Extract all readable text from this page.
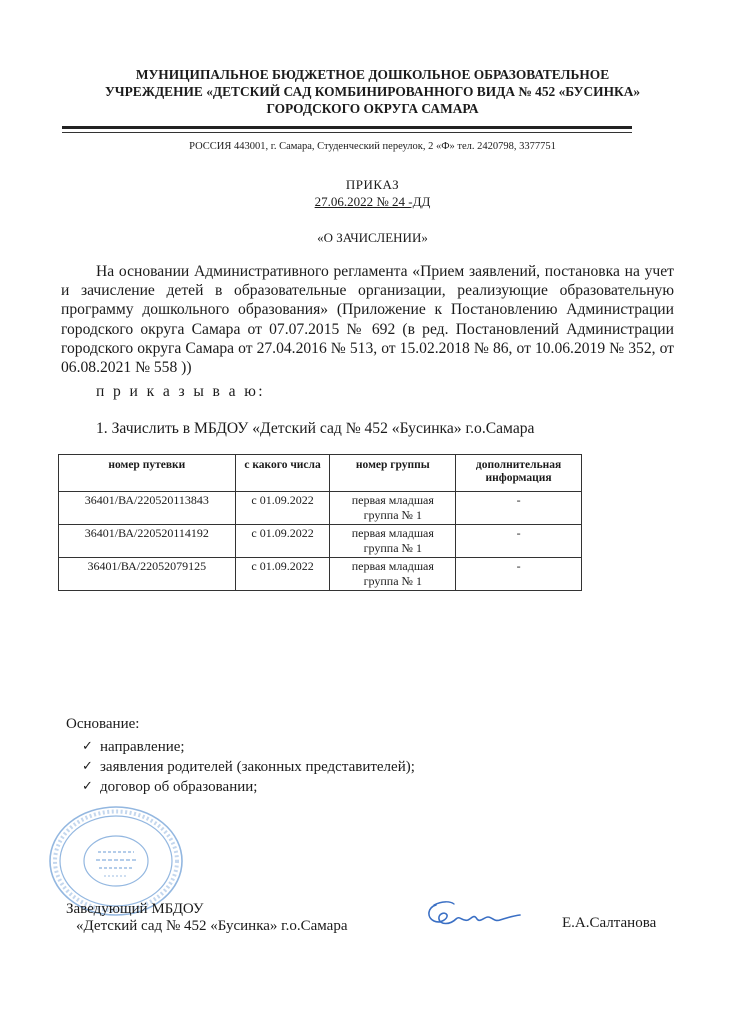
МУНИЦИПАЛЬНОЕ БЮДЖЕТНОЕ ДОШКОЛЬНОЕ ОБРАЗОВАТЕЛЬНОЕ
УЧРЕЖДЕНИЕ «ДЕТСКИЙ САД КОМБИНИРОВАННОГО ВИДА № 452 «БУСИНКА»
ГОРОДСКОГО ОКРУГА САМАРА
РОССИЯ 443001, г. Самара, Студенческий переулок, 2 «Ф» тел. 2420798, 3377751
ПРИКАЗ
27.06.2022 № 24 -ДД
«О ЗАЧИСЛЕНИИ»
На основании Административного регламента «Прием заявлений, постановка на учет и зачисление детей в образовательные организации, реализующие образовательную программу дошкольного образования» (Приложение к Постановлению Администрации городского округа Самара от 07.07.2015 № 692 (в ред. Постановлений Администрации городского округа Самара от 27.04.2016 № 513, от 15.02.2018 № 86, от 10.06.2019 № 352, от 06.08.2021 № 558 ))
п р и к а з ы в а ю:
1. Зачислить в МБДОУ «Детский сад № 452 «Бусинка» г.о.Самара
номер путевки	с какого числа	номер группы	дополнительная информация
36401/ВА/220520113843	с 01.09.2022	первая младшая группа № 1	-
36401/ВА/220520114192	с 01.09.2022	первая младшая группа № 1	-
36401/ВА/22052079125	с 01.09.2022	первая младшая группа № 1	-
Основание:
✓ направление;
✓ заявления родителей (законных представителей);
✓ договор об образовании;
Заведующий МБДОУ
«Детский сад № 452 «Бусинка» г.о.Самара	Е.А.Салтанова
